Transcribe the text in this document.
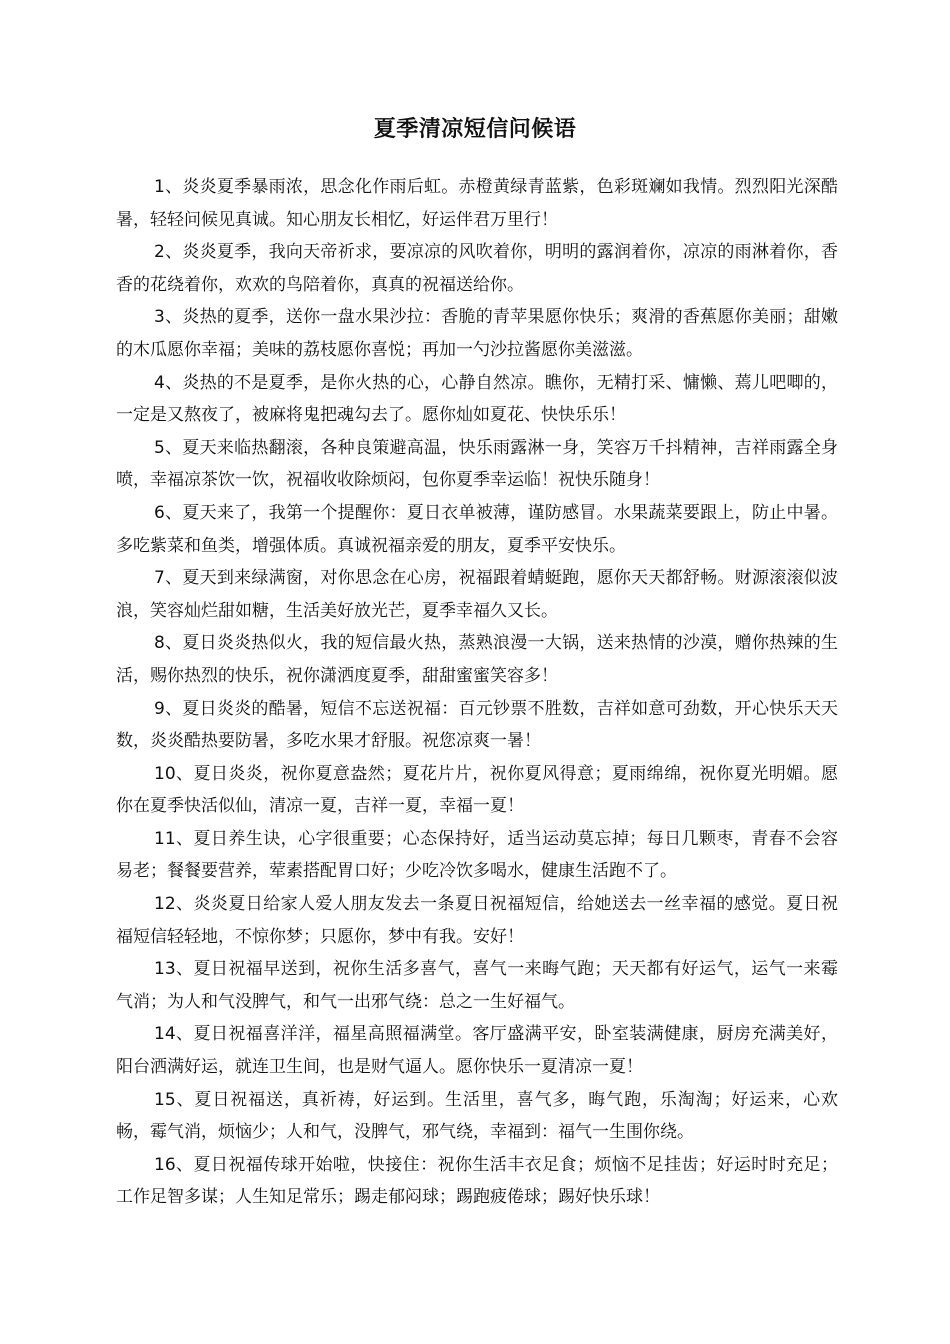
夏季清凉短信问候语

1、炎炎夏季暴雨浓，思念化作雨后虹。赤橙黄绿青蓝紫，色彩斑斓如我情。烈烈阳光深酷暑，轻轻问候见真诚。知心朋友长相忆，好运伴君万里行！

2、炎炎夏季，我向天帝祈求，要凉凉的风吹着你，明明的露润着你，凉凉的雨淋着你，香香的花绕着你，欢欢的鸟陪着你，真真的祝福送给你。

3、炎热的夏季，送你一盘水果沙拉：香脆的青苹果愿你快乐；爽滑的香蕉愿你美丽；甜嫩的木瓜愿你幸福；美味的荔枝愿你喜悦；再加一勺沙拉酱愿你美滋滋。

4、炎热的不是夏季，是你火热的心，心静自然凉。瞧你，无精打采、慵懒、蔫儿吧唧的，一定是又熬夜了，被麻将鬼把魂勾去了。愿你灿如夏花、快快乐乐！

5、夏天来临热翻滚，各种良策避高温，快乐雨露淋一身，笑容万千抖精神，吉祥雨露全身喷，幸福凉茶饮一饮，祝福收收除烦闷，包你夏季幸运临！祝快乐随身！

6、夏天来了，我第一个提醒你：夏日衣单被薄，谨防感冒。水果蔬菜要跟上，防止中暑。多吃紫菜和鱼类，增强体质。真诚祝福亲爱的朋友，夏季平安快乐。

7、夏天到来绿满窗，对你思念在心房，祝福跟着蜻蜓跑，愿你天天都舒畅。财源滚滚似波浪，笑容灿烂甜如糖，生活美好放光芒，夏季幸福久又长。

8、夏日炎炎热似火，我的短信最火热，蒸熟浪漫一大锅，送来热情的沙漠，赠你热辣的生活，赐你热烈的快乐，祝你潇洒度夏季，甜甜蜜蜜笑容多！

9、夏日炎炎的酷暑，短信不忘送祝福：百元钞票不胜数，吉祥如意可劲数，开心快乐天天数，炎炎酷热要防暑，多吃水果才舒服。祝您凉爽一暑！

10、夏日炎炎，祝你夏意盎然；夏花片片，祝你夏风得意；夏雨绵绵，祝你夏光明媚。愿你在夏季快活似仙，清凉一夏，吉祥一夏，幸福一夏！

11、夏日养生诀，心字很重要；心态保持好，适当运动莫忘掉；每日几颗枣，青春不会容易老；餐餐要营养，荤素搭配胃口好；少吃冷饮多喝水，健康生活跑不了。

12、炎炎夏日给家人爱人朋友发去一条夏日祝福短信，给她送去一丝幸福的感觉。夏日祝福短信轻轻地，不惊你梦；只愿你，梦中有我。安好！

13、夏日祝福早送到，祝你生活多喜气，喜气一来晦气跑；天天都有好运气，运气一来霉气消；为人和气没脾气，和气一出邪气绕：总之一生好福气。

14、夏日祝福喜洋洋，福星高照福满堂。客厅盛满平安，卧室装满健康，厨房充满美好，阳台洒满好运，就连卫生间，也是财气逼人。愿你快乐一夏清凉一夏！

15、夏日祝福送，真祈祷，好运到。生活里，喜气多，晦气跑，乐淘淘；好运来，心欢畅，霉气消，烦恼少；人和气，没脾气，邪气绕，幸福到：福气一生围你绕。

16、夏日祝福传球开始啦，快接住：祝你生活丰衣足食；烦恼不足挂齿；好运时时充足；工作足智多谋；人生知足常乐；踢走郁闷球；踢跑疲倦球；踢好快乐球！
